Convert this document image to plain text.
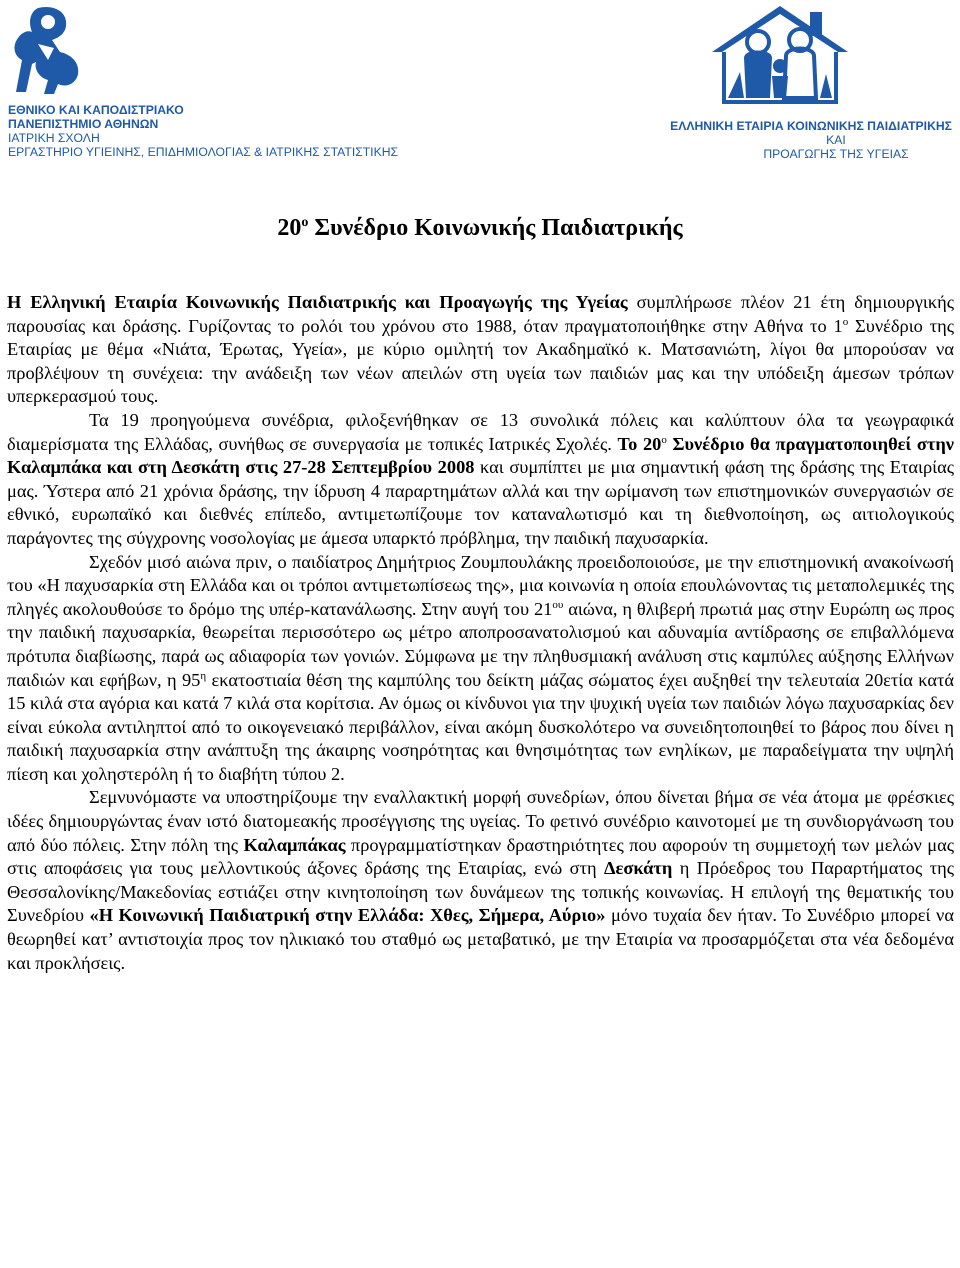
ΕΘΝΙΚΟ ΚΑΙ ΚΑΠΟΔΙΣΤΡΙΑΚΟ
ΠΑΝΕΠΙΣΤΗΜΙΟ ΑΘΗΝΩΝ
ΙΑΤΡΙΚΗ ΣΧΟΛΗ
ΕΡΓΑΣΤΗΡΙΟ ΥΓΙΕΙΝΗΣ, ΕΠΙΔΗΜΙΟΛΟΓΙΑΣ & ΙΑΤΡΙΚΗΣ ΣΤΑΤΙΣΤΙΚΗΣ
ΕΛΛΗΝΙΚΗ ΕΤΑΙΡΙΑ ΚΟΙΝΩΝΙΚΗΣ ΠΑΙΔΙΑΤΡΙΚΗΣ
ΚΑΙ
ΠΡΟΑΓΩΓΗΣ ΤΗΣ ΥΓΕΙΑΣ
$20^o$ Συνέδριο Κοινωνικής Παιδιατρικής

Η Ελληνική Εταιρία Κοινωνικής Παιδιατρικής και Προαγωγής της Υγείας συμπλήρωσε πλέον 21 έτη δημιουργικής παρουσίας και δράσης. Γυρίζοντας το ρολόι του χρόνου στο 1988, όταν πραγματοποιήθηκε στην Αθήνα το $1^o$ Συνέδριο της Εταιρίας με θέμα «Νιάτα, Έρωτας, Υγεία», με κύριο ομιλητή τον Ακαδημαϊκό κ. Ματσανιώτη, λίγοι θα μπορούσαν να προβλέψουν τη συνέχεια: την ανάδειξη των νέων απειλών στη υγεία των παιδιών μας και την υπόδειξη άμεσων τρόπων υπερκερασμού τους.

Τα 19 προηγούμενα συνέδρια, φιλοξενήθηκαν σε 13 συνολικά πόλεις και καλύπτουν όλα τα γεωγραφικά διαμερίσματα της Ελλάδας, συνήθως σε συνεργασία με τοπικές Ιατρικές Σχολές. Το $20^o$ Συνέδριο θα πραγματοποιηθεί στην Καλαμπάκα και στη Δεσκάτη στις 27-28 Σεπτεμβρίου 2008 και συμπίπτει με μια σημαντική φάση της δράσης της Εταιρίας μας. Ύστερα από 21 χρόνια δράσης, την ίδρυση 4 παραρτημάτων αλλά και την ωρίμανση των επιστημονικών συνεργασιών σε εθνικό, ευρωπαϊκό και διεθνές επίπεδο, αντιμετωπίζουμε τον καταναλωτισμό και τη διεθνοποίηση, ως αιτιολογικούς παράγοντες της σύγχρονης νοσολογίας με άμεσα υπαρκτό πρόβλημα, την παιδική παχυσαρκία.

Σχεδόν μισό αιώνα πριν, ο παιδίατρος Δημήτριος Ζουμπουλάκης προειδοποιούσε, με την επιστημονική ανακοίνωσή του «Η παχυσαρκία στη Ελλάδα και οι τρόποι αντιμετωπίσεως της», μια κοινωνία η οποία επουλώνοντας τις μεταπολεμικές της πληγές ακολουθούσε το δρόμο της υπέρ-κατανάλωσης. Στην αυγή του $21^{o\upsilon}$ αιώνα, η θλιβερή πρωτιά μας στην Ευρώπη ως προς την παιδική παχυσαρκία, θεωρείται περισσότερο ως μέτρο αποπροσανατολισμού και αδυναμία αντίδρασης σε επιβαλλόμενα πρότυπα διαβίωσης, παρά ως αδιαφορία των γονιών. Σύμφωνα με την πληθυσμιακή ανάλυση στις καμπύλες αύξησης Ελλήνων παιδιών και εφήβων, η $95^\eta$ εκατοστιαία θέση της καμπύλης του δείκτη μάζας σώματος έχει αυξηθεί την τελευταία 20ετία κατά 15 κιλά στα αγόρια και κατά 7 κιλά στα κορίτσια. Αν όμως οι κίνδυνοι για την ψυχική υγεία των παιδιών λόγω παχυσαρκίας δεν είναι εύκολα αντιληπτοί από το οικογενειακό περιβάλλον, είναι ακόμη δυσκολότερο να συνειδητοποιηθεί το βάρος που δίνει η παιδική παχυσαρκία στην ανάπτυξη της άκαιρης νοσηρότητας και θνησιμότητας των ενηλίκων, με παραδείγματα την υψηλή πίεση και χοληστερόλη ή το διαβήτη τύπου 2.

Σεμνυνόμαστε να υποστηρίζουμε την εναλλακτική μορφή συνεδρίων, όπου δίνεται βήμα σε νέα άτομα με φρέσκιες ιδέες δημιουργώντας έναν ιστό διατομεακής προσέγγισης της υγείας. Το φετινό συνέδριο καινοτομεί με τη συνδιοργάνωση του από δύο πόλεις. Στην πόλη της Καλαμπάκας προγραμματίστηκαν δραστηριότητες που αφορούν τη συμμετοχή των μελών μας στις αποφάσεις για τους μελλοντικούς άξονες δράσης της Εταιρίας, ενώ στη Δεσκάτη η Πρόεδρος του Παραρτήματος της Θεσσαλονίκης/Μακεδονίας εστιάζει στην κινητοποίηση των δυνάμεων της τοπικής κοινωνίας. Η επιλογή της θεματικής του Συνεδρίου «Η Κοινωνική Παιδιατρική στην Ελλάδα: Χθες, Σήμερα, Αύριο» μόνο τυχαία δεν ήταν. Το Συνέδριο μπορεί να θεωρηθεί κατ’ αντιστοιχία προς τον ηλικιακό του σταθμό ως μεταβατικό, με την Εταιρία να προσαρμόζεται στα νέα δεδομένα και προκλήσεις.
